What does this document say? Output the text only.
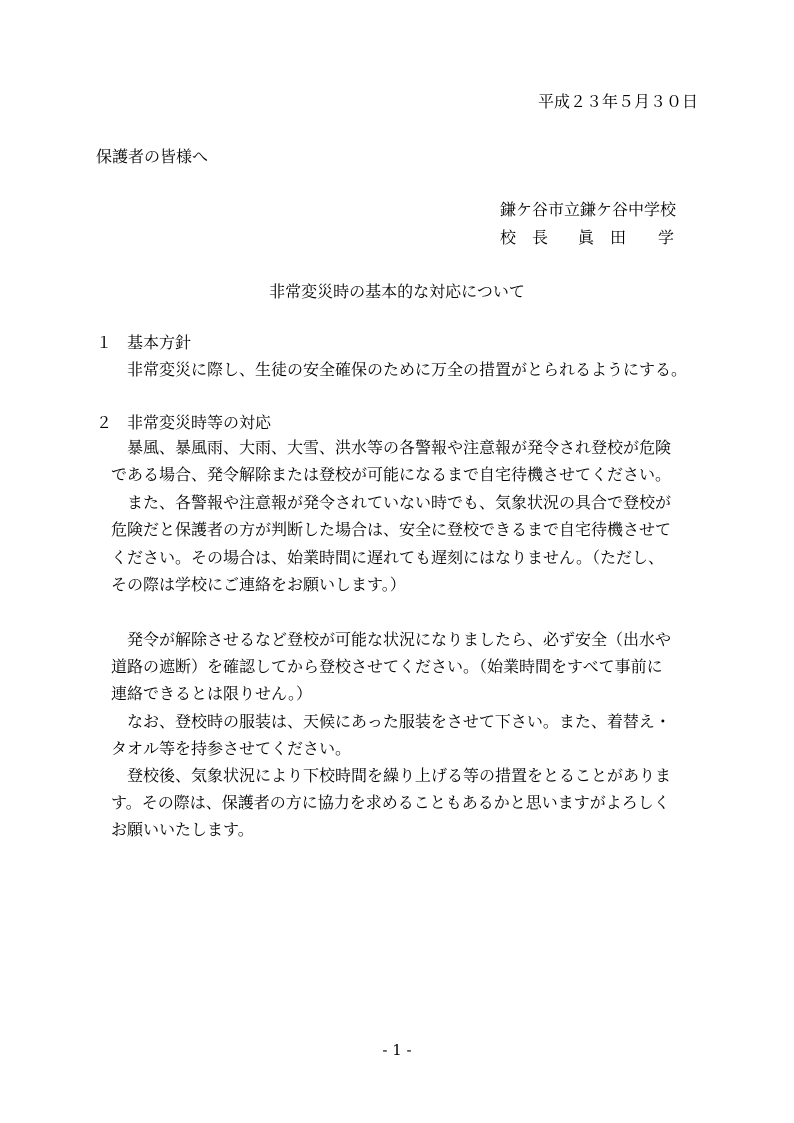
平成２３年５月３０日
保護者の皆様へ
鎌ケ谷市立鎌ケ谷中学校
校　長 眞　田　　学
非常変災時の基本的な対応について
１ 基本方針
非常変災に際し、生徒の安全確保のために万全の措置がとられるようにする。
２ 非常変災時等の対応
暴風、暴風雨、大雨、大雪、洪水等の各警報や注意報が発令され登校が危険
である場合、発令解除または登校が可能になるまで自宅待機させてください。
また、各警報や注意報が発令されていない時でも、気象状況の具合で登校が
危険だと保護者の方が判断した場合は、安全に登校できるまで自宅待機させて
ください。その場合は、始業時間に遅れても遅刻にはなりません。（ただし、
その際は学校にご連絡をお願いします。）
発令が解除させるなど登校が可能な状況になりましたら、必ず安全（出水や
道路の遮断）を確認してから登校させてください。（始業時間をすべて事前に
連絡できるとは限りせん。）
なお、登校時の服装は、天候にあった服装をさせて下さい。また、着替え・
タオル等を持参させてください。
登校後、気象状況により下校時間を繰り上げる等の措置をとることがありま
す。その際は、保護者の方に協力を求めることもあるかと思いますがよろしく
お願いいたします。
- 1 -
